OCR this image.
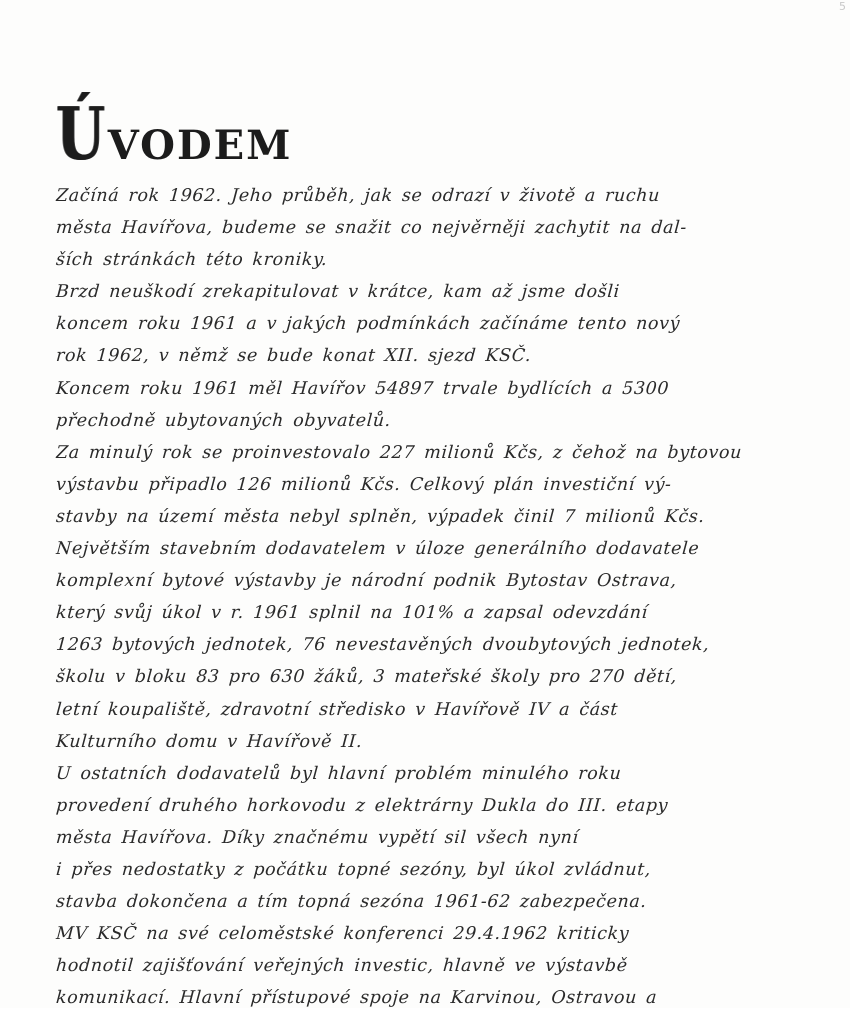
5
ÚVODEM
Začíná rok 1962. Jeho průběh, jak se odrazí v životě a ruchu
města Havířova, budeme se snažit co nejvěrněji zachytit na dal-
ších stránkách této kroniky.
Brzd neuškodí zrekapitulovat v krátce, kam až jsme došli
koncem roku 1961 a v jakých podmínkách začínáme tento nový
rok 1962, v němž se bude konat XII. sjezd KSČ.
Koncem roku 1961 měl Havířov 54897 trvale bydlících a 5300
přechodně ubytovaných obyvatelů.
Za minulý rok se proinvestovalo 227 milionů Kčs, z čehož na bytovou
výstavbu připadlo 126 milionů Kčs. Celkový plán investiční vý-
stavby na území města nebyl splněn, výpadek činil 7 milionů Kčs.
Největším stavebním dodavatelem v úloze generálního dodavatele
komplexní bytové výstavby je národní podnik Bytostav Ostrava,
který svůj úkol v r. 1961 splnil na 101% a zapsal odevzdání
1263 bytových jednotek, 76 nevestavěných dvoubytových jednotek,
školu v bloku 83 pro 630 žáků, 3 mateřské školy pro 270 dětí,
letní koupaliště, zdravotní středisko v Havířově IV a část
Kulturního domu v Havířově II.
U ostatních dodavatelů byl hlavní problém minulého roku
provedení druhého horkovodu z elektrárny Dukla do III. etapy
města Havířova. Díky značnému vypětí sil všech nyní
i přes nedostatky z počátku topné sezóny, byl úkol zvládnut,
stavba dokončena a tím topná sezóna 1961-62 zabezpečena.
MV KSČ na své celoměstské konferenci 29.4.1962 kriticky
hodnotil zajišťování veřejných investic, hlavně ve výstavbě
komunikací. Hlavní přístupové spoje na Karvinou, Ostravou a
